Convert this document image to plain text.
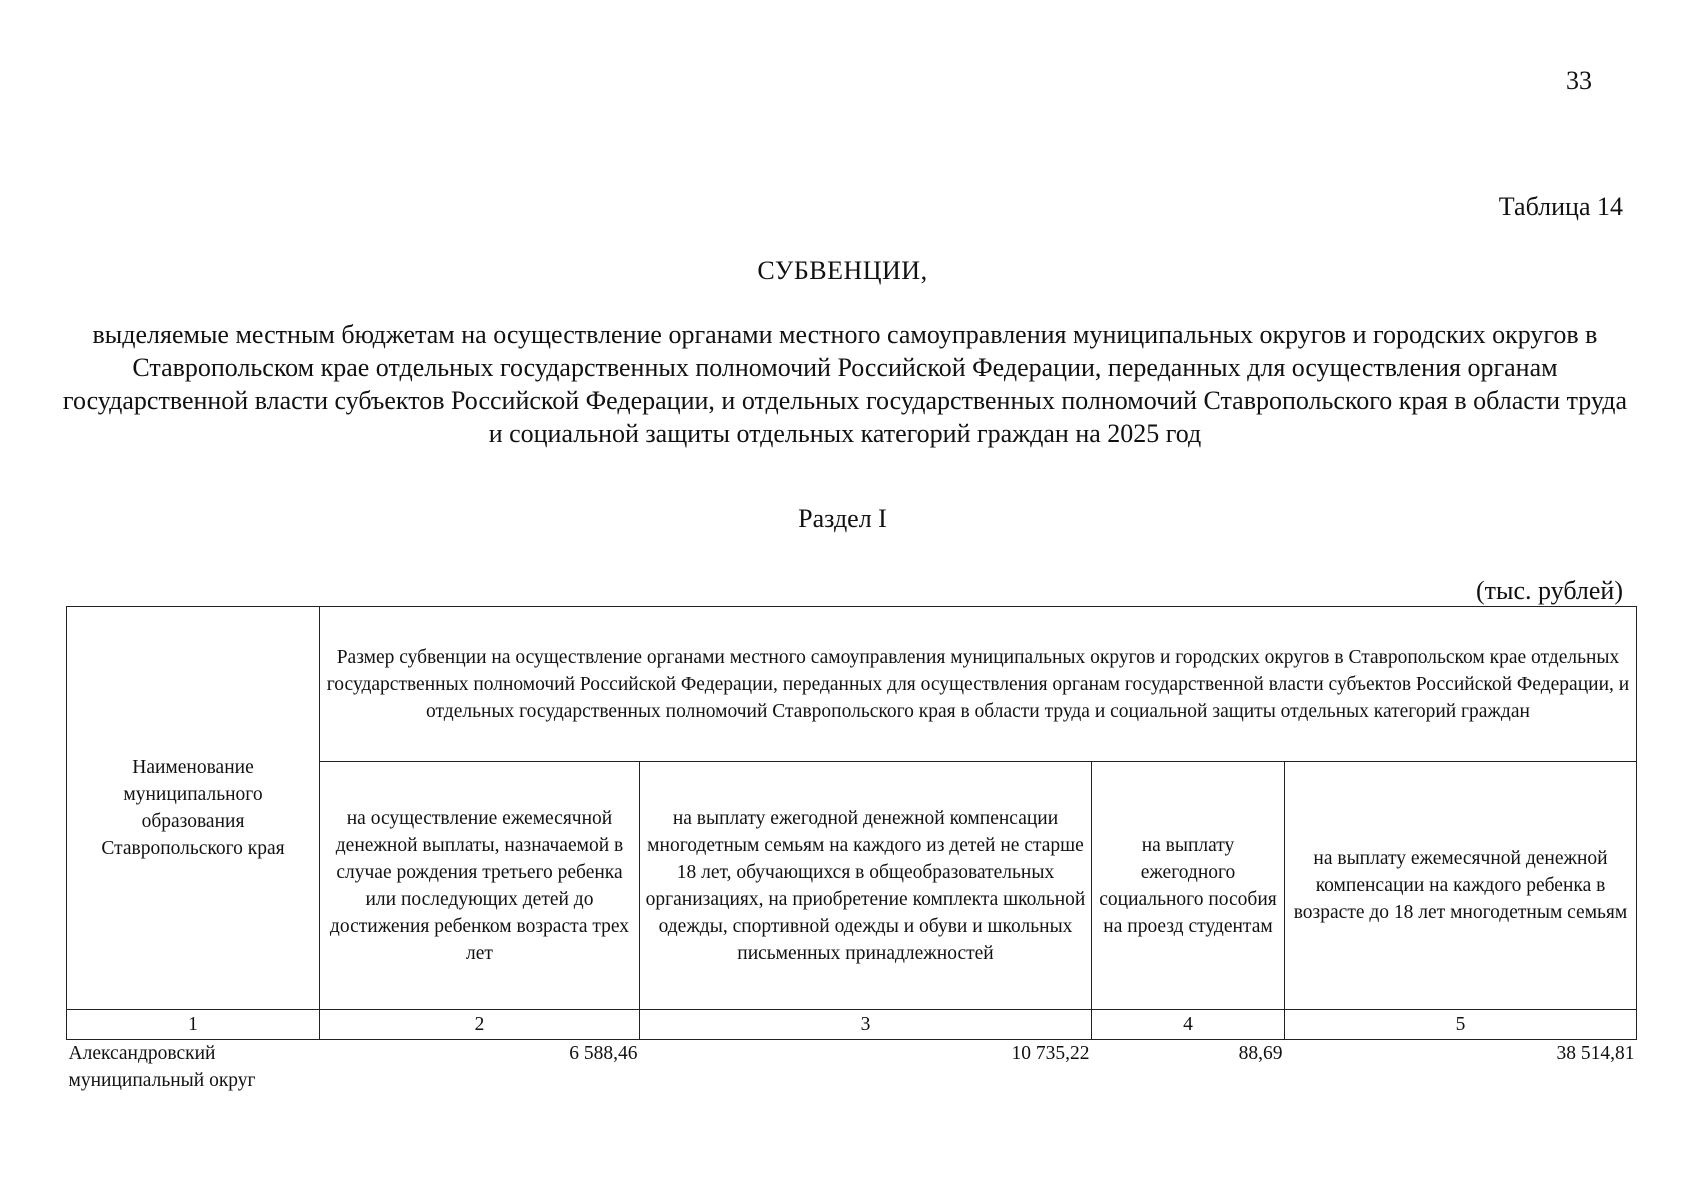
33
Таблица 14
СУБВЕНЦИИ,
выделяемые местным бюджетам на осуществление органами местного самоуправления муниципальных округов и городских округов в Ставропольском крае отдельных государственных полномочий Российской Федерации, переданных для осуществления органам государственной власти субъектов Российской Федерации, и отдельных государственных полномочий Ставропольского края в области труда и социальной защиты отдельных категорий граждан на 2025 год
Раздел I
(тыс. рублей)
Наименование муниципального образования Ставропольского края	Размер субвенции на осуществление органами местного самоуправления муниципальных округов и городских округов в Ставропольском крае отдельных государственных полномочий Российской Федерации, переданных для осуществления органам государственной власти субъектов Российской Федерации, и отдельных государственных полномочий Ставропольского края в области труда и социальной защиты отдельных категорий граждан			
	на осуществление ежемесячной денежной выплаты, назначаемой в случае рождения третьего ребенка или последующих детей до достижения ребенком возраста трех лет	на выплату ежегодной денежной компенсации многодетным семьям на каждого из детей не старше 18 лет, обучающихся в общеобразовательных организациях, на приобретение комплекта школьной одежды, спортивной одежды и обуви и школьных письменных принадлежностей	на выплату ежегодного социального пособия на проезд студентам	на выплату ежемесячной денежной компенсации на каждого ребенка в возрасте до 18 лет многодетным семьям
1	2	3	4	5
Александровский муниципальный округ	6 588,46	10 735,22	88,69	38 514,81
